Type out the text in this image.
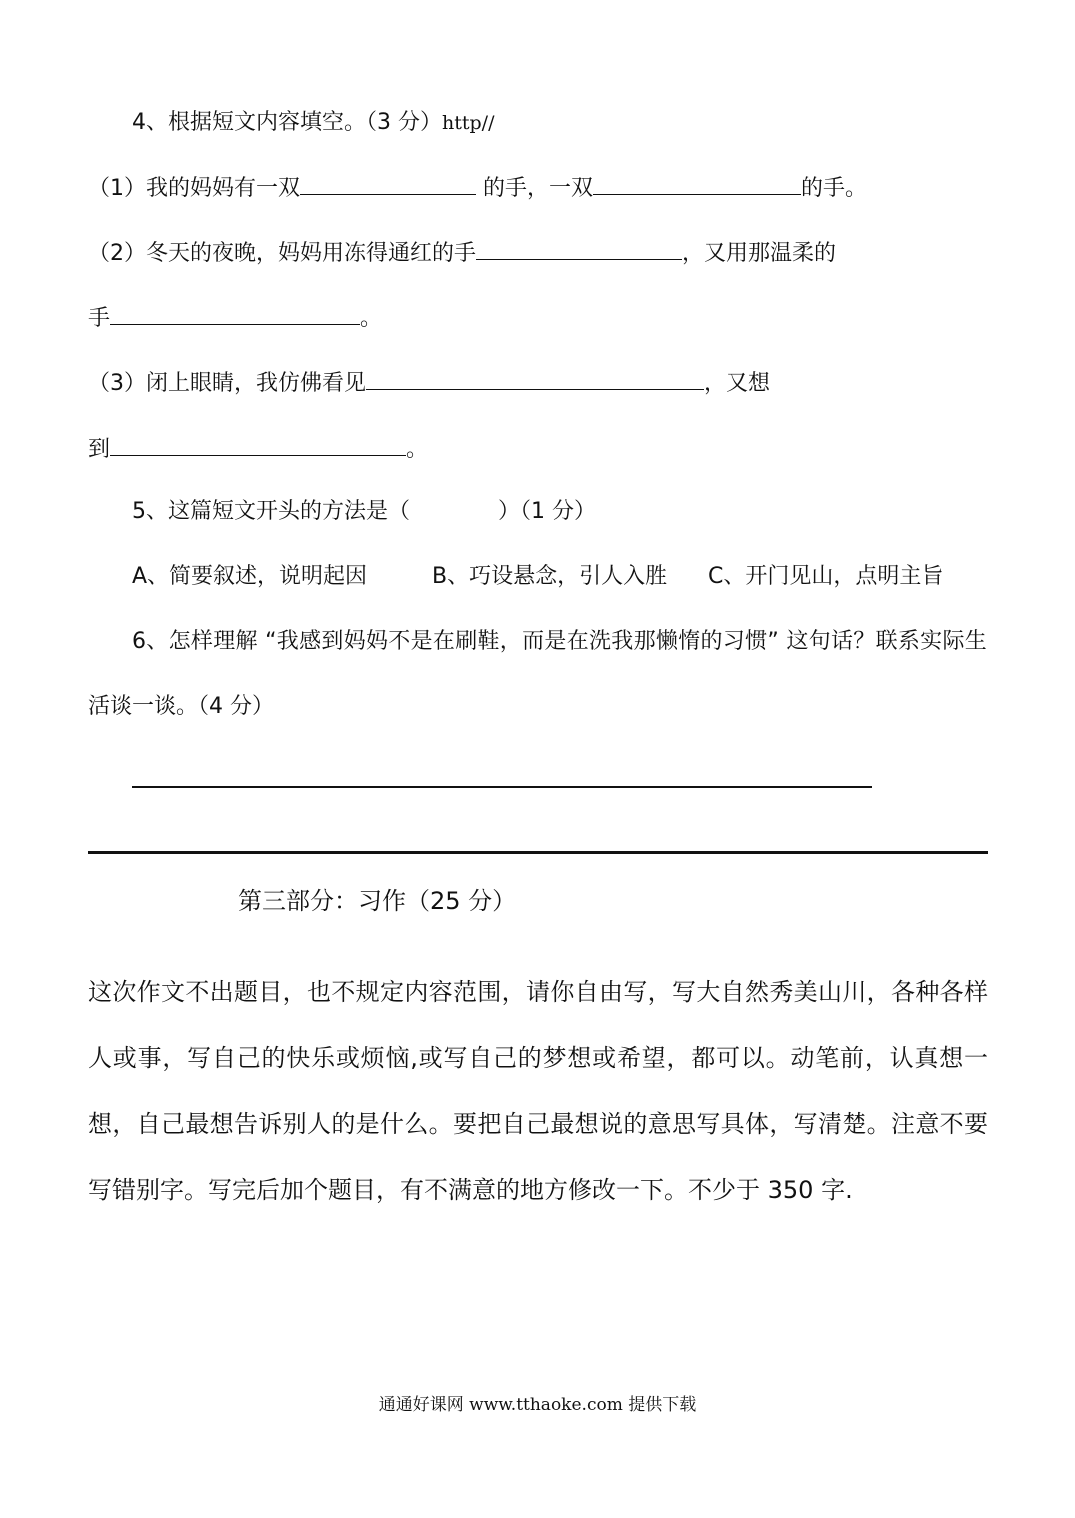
4、根据短文内容填空。（3 分）http//
（1）我的妈妈有一双	的手，一双	的手。
（2）冬天的夜晚，妈妈用冻得通红的手	，又用那温柔的
手	。
（3）闭上眼睛，我仿佛看见	，又想
到	。
5、这篇短文开头的方法是（　　　　）（1 分）
A、简要叙述，说明起因	B、巧设悬念，引人入胜 C、开门见山，点明主旨
6、怎样理解 “我感到妈妈不是在刷鞋，而是在洗我那懒惰的习惯” 这句话？联系实际生
活谈一谈。（4 分）
第三部分：习作（25 分）
这次作文不出题目，也不规定内容范围，请你自由写，写大自然秀美山川，各种各样人或事，写自己的快乐或烦恼,或写自己的梦想或希望，都可以。动笔前，认真想一想，自己最想告诉别人的是什么。要把自己最想说的意思写具体，写清楚。注意不要写错别字。写完后加个题目，有不满意的地方修改一下。不少于 350 字.
通通好课网 www.tthaoke.com 提供下载
